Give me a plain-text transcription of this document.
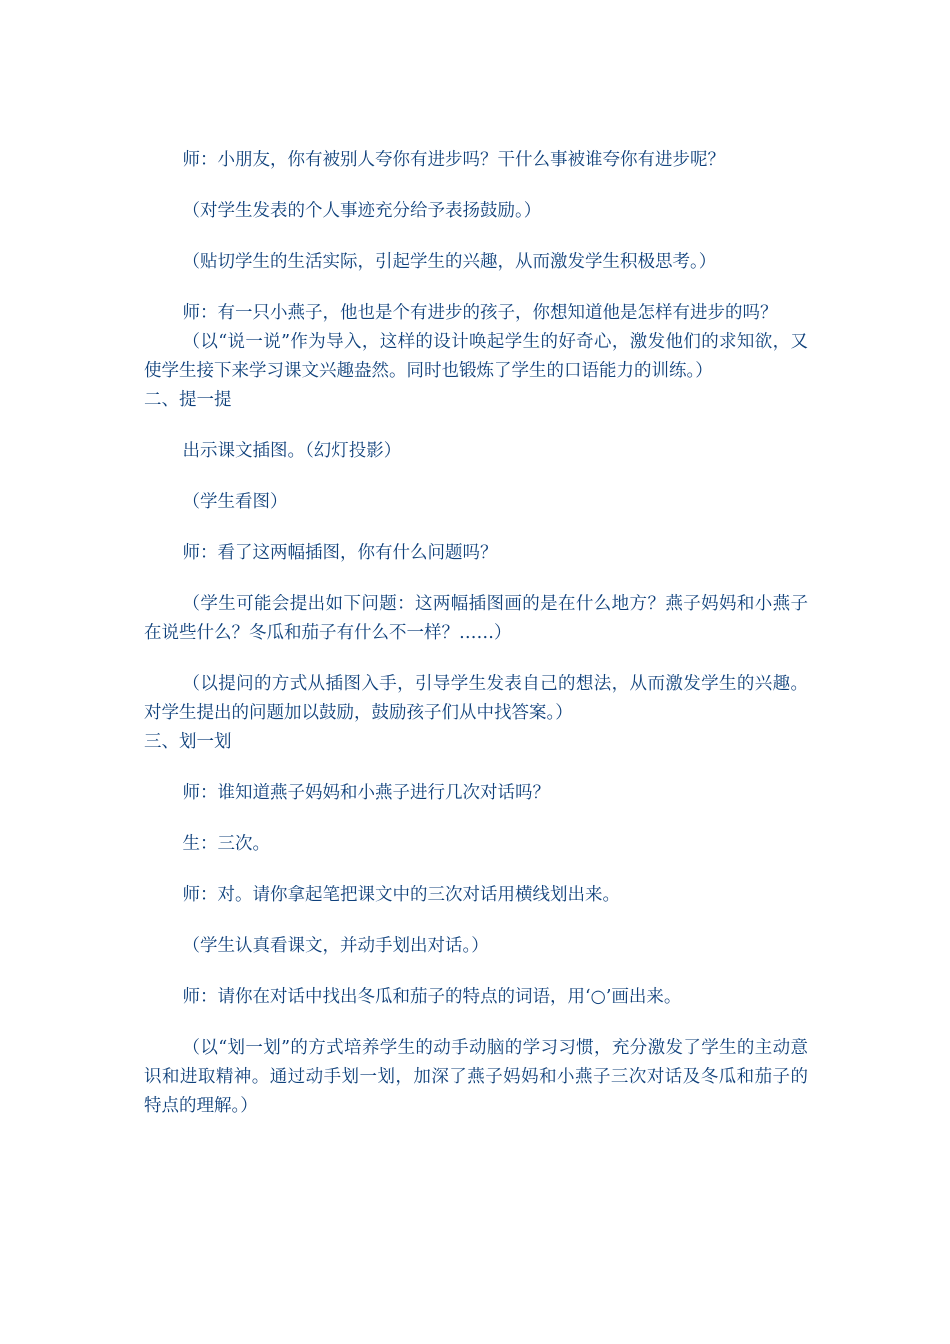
师：小朋友，你有被别人夸你有进步吗？干什么事被谁夸你有进步呢？

（对学生发表的个人事迹充分给予表扬鼓励。）

（贴切学生的生活实际，引起学生的兴趣，从而激发学生积极思考。）

师：有一只小燕子，他也是个有进步的孩子，你想知道他是怎样有进步的吗？

（以“说一说”作为导入，这样的设计唤起学生的好奇心，激发他们的求知欲，又使学生接下来学习课文兴趣盎然。同时也锻炼了学生的口语能力的训练。）

二、提一提

出示课文插图。（幻灯投影）

（学生看图）

师：看了这两幅插图，你有什么问题吗？

（学生可能会提出如下问题：这两幅插图画的是在什么地方？燕子妈妈和小燕子在说些什么？冬瓜和茄子有什么不一样？……）

（以提问的方式从插图入手，引导学生发表自己的想法，从而激发学生的兴趣。对学生提出的问题加以鼓励，鼓励孩子们从中找答案。）

三、划一划

师：谁知道燕子妈妈和小燕子进行几次对话吗？

生：三次。

师：对。请你拿起笔把课文中的三次对话用横线划出来。

（学生认真看课文，并动手划出对话。）

师：请你在对话中找出冬瓜和茄子的特点的词语，用‘○’画出来。

（以“划一划”的方式培养学生的动手动脑的学习习惯，充分激发了学生的主动意识和进取精神。通过动手划一划，加深了燕子妈妈和小燕子三次对话及冬瓜和茄子的特点的理解。）
